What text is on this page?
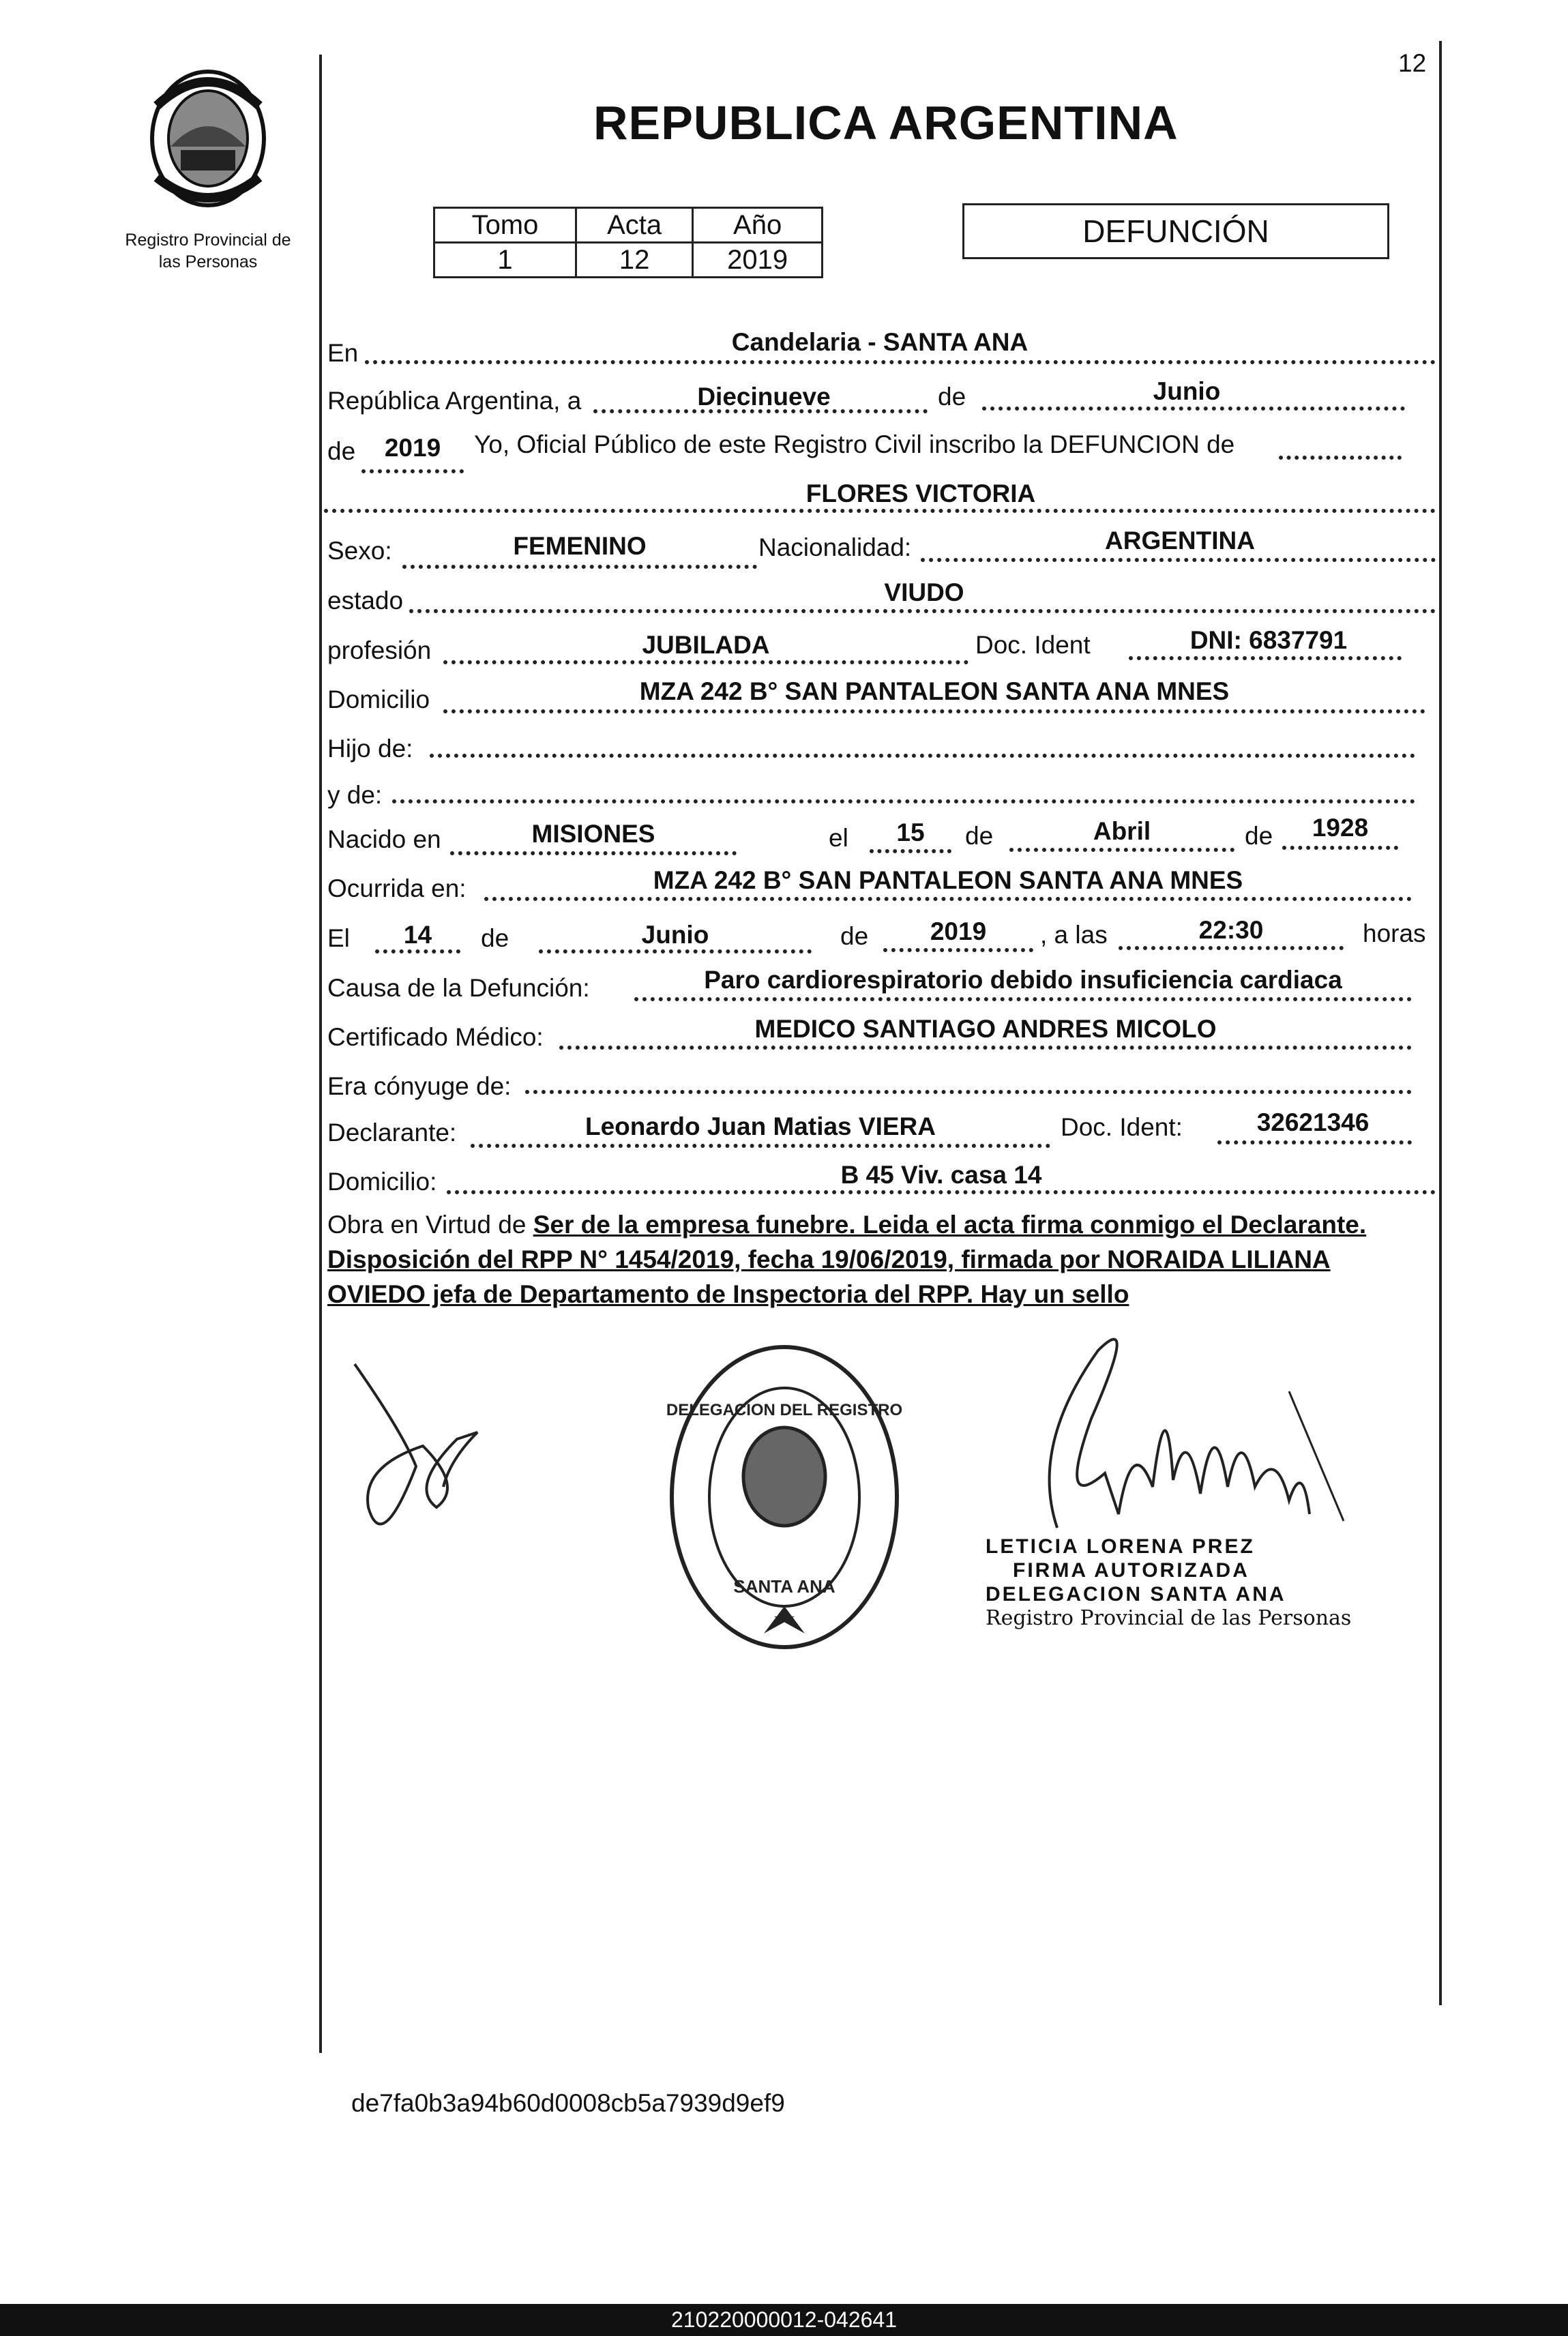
Registro Provincial de
las Personas
12
REPUBLICA ARGENTINA
Tomo	Acta	Año
1	12	2019
DEFUNCIÓN
En	Candelaria - SANTA ANA
República Argentina, a	Diecinueve	de	Junio
de	2019	Yo, Oficial Público de este Registro Civil inscribo la DEFUNCION de
FLORES VICTORIA
Sexo:	FEMENINO	Nacionalidad:	ARGENTINA
estado	VIUDO
profesión	JUBILADA	Doc. Ident	DNI: 6837791
Domicilio	MZA 242 B° SAN PANTALEON SANTA ANA MNES
Hijo de:
y de:
Nacido en	MISIONES	el	15	de	Abril	de	1928
Ocurrida en:	MZA 242 B° SAN PANTALEON SANTA ANA MNES
El	14	de	Junio	de	2019	, a las	22:30	horas
Causa de la Defunción:	Paro cardiorespiratorio debido insuficiencia cardiaca
Certificado Médico:	MEDICO SANTIAGO ANDRES MICOLO
Era cónyuge de:
Declarante:	Leonardo Juan Matias VIERA	Doc. Ident:	32621346
Domicilio:	B 45 Viv. casa 14
Obra en Virtud de Ser de la empresa funebre. Leida el acta firma conmigo el Declarante.
Disposición del RPP N° 1454/2019, fecha 19/06/2019, firmada por NORAIDA LILIANA
OVIEDO jefa de Departamento de Inspectoria del RPP. Hay un sello
DELEGACION DEL REGISTRO
SANTA ANA
LETICIA LORENA PREZ
FIRMA AUTORIZADA
DELEGACION SANTA ANA
Registro Provincial de las Personas
de7fa0b3a94b60d0008cb5a7939d9ef9
210220000012-042641
